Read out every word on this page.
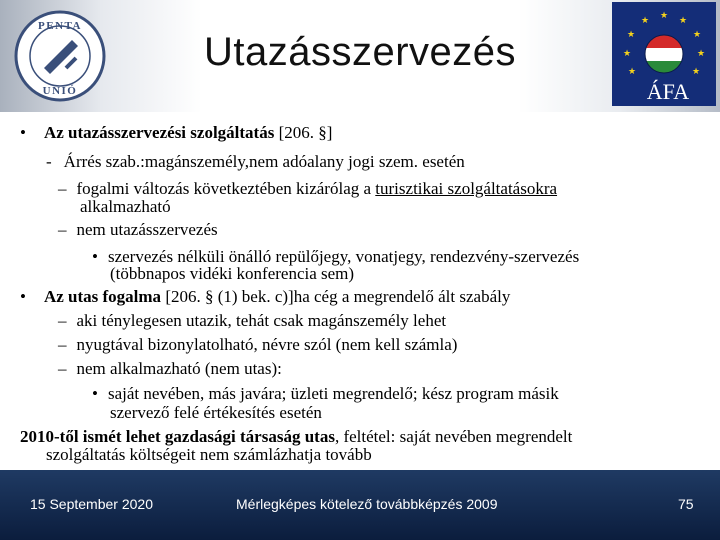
PENTA
UNIÓ
Utazásszervezés
★ ★
★
★
★
★
★
★
★
ÁFA
• Az utazásszervezési szolgáltatás [206. §]
- Árrés szab.:magánszemély,nem adóalany jogi szem. esetén
– fogalmi változás következtében kizárólag a turisztikai szolgáltatásokra
alkalmazható
– nem utazásszervezés
• szervezés nélküli önálló repülőjegy, vonatjegy, rendezvény-szervezés
(többnapos vidéki konferencia sem)
• Az utas fogalma [206. § (1) bek. c)]ha cég a megrendelő ált szabály
– aki ténylegesen utazik, tehát csak magánszemély lehet
– nyugtával bizonylatolható, névre szól (nem kell számla)
– nem alkalmazható (nem utas):
• saját nevében, más javára; üzleti megrendelő; kész program másik
szervező felé értékesítés esetén
2010-től ismét lehet gazdasági társaság utas, feltétel: saját nevében megrendelt
szolgáltatás költségeit nem számlázhatja tovább
15 September 2020	Mérlegképes kötelező továbbképzés 2009	75
